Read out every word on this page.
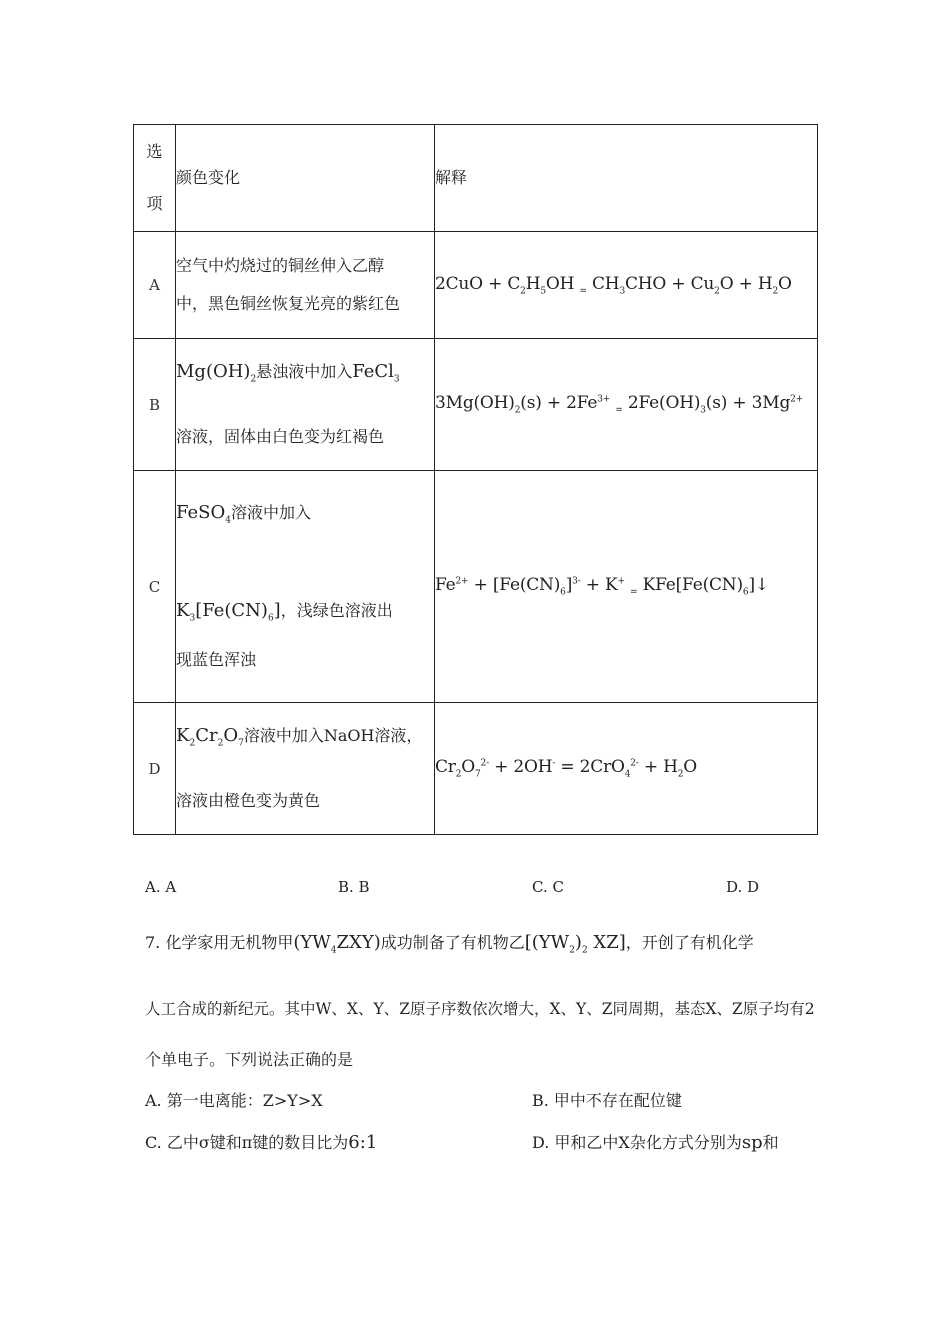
选
项	颜色变化	解释
A	空气中灼烧过的铜丝伸入乙醇

中，黑色铜丝恢复光亮的紫红色	$2CuO + C_2H_5OH$ $_=$ $CH_3CHO + Cu_2O + H_2O$
B	$Mg(OH)_2$悬浊液中加入FeCl$_3$

溶液，固体由白色变为红褐色	$3Mg(OH)_2(s) + 2Fe^{3+}$ $_=$ $2Fe(OH)_3(s) + 3Mg^{2+}$
C	FeSO$_4$溶液中加入

$K_3[Fe(CN)_6]$，浅绿色溶液出

现蓝色浑浊	$Fe^{2+} + [Fe(CN)_6]^{3-} + K^+$ $_=$ $KFe[Fe(CN)_6]↓$
D	$K_2Cr_2O_7$溶液中加入NaOH溶液，

溶液由橙色变为黄色	$Cr_2O_7^{2-} + 2OH^- = 2CrO_4^{2-} + H_2O$
A. A	B. B	C. C	D. D
7. 化学家用无机物甲$(YW_4ZXY)$成功制备了有机物乙[$(YW_2)_2$ XZ]，开创了有机化学
人工合成的新纪元。其中W、X、Y、Z原子序数依次增大，X、Y、Z同周期，基态X、Z原子均有2
个单电子。下列说法正确的是
A. 第一电离能：Z>Y>X	B. 甲中不存在配位键
C. 乙中σ键和π键的数目比为6:1	D. 甲和乙中X杂化方式分别为sp和
